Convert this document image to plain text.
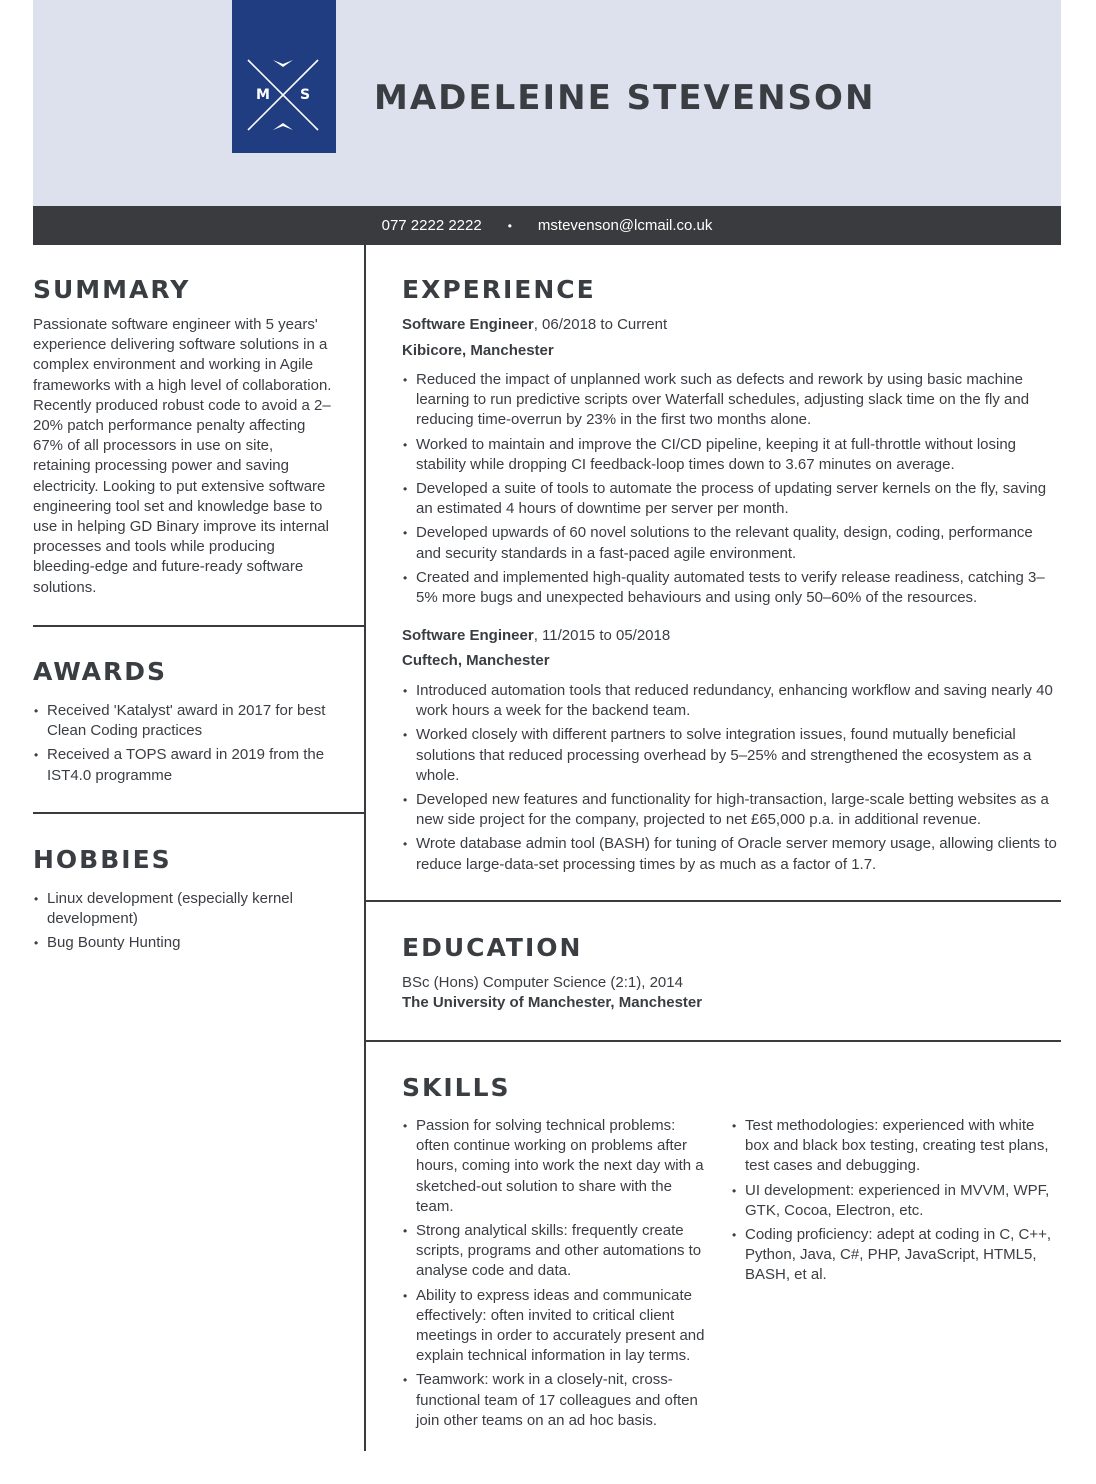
M S MADELEINE STEVENSON
077 2222 2222 • mstevenson@lcmail.co.uk
SUMMARY

Passionate software engineer with 5 years' experience delivering software solutions in a complex environment and working in Agile frameworks with a high level of collaboration. Recently produced robust code to avoid a 2–20% patch performance penalty affecting 67% of all processors in use on site, retaining processing power and saving electricity. Looking to put extensive software engineering tool set and knowledge base to use in helping GD Binary improve its internal processes and tools while producing bleeding-edge and future-ready software solutions.

AWARDS
• Received 'Katalyst' award in 2017 for best Clean Coding practices
• Received a TOPS award in 2019 from the IST4.0 programme
HOBBIES
• Linux development (especially kernel development)
• Bug Bounty Hunting
EXPERIENCE

Software Engineer, 06/2018 to Current

Kibicore, Manchester

• Reduced the impact of unplanned work such as defects and rework by using basic machine learning to run predictive scripts over Waterfall schedules, adjusting slack time on the fly and reducing time-overrun by 23% in the first two months alone.
• Worked to maintain and improve the CI/CD pipeline, keeping it at full-throttle without losing stability while dropping CI feedback-loop times down to 3.67 minutes on average.
• Developed a suite of tools to automate the process of updating server kernels on the fly, saving an estimated 4 hours of downtime per server per month.
• Developed upwards of 60 novel solutions to the relevant quality, design, coding, performance and security standards in a fast-paced agile environment.
• Created and implemented high-quality automated tests to verify release readiness, catching 3–5% more bugs and unexpected behaviours and using only 50–60% of the resources.

Software Engineer, 11/2015 to 05/2018

Cuftech, Manchester

• Introduced automation tools that reduced redundancy, enhancing workflow and saving nearly 40 work hours a week for the backend team.
• Worked closely with different partners to solve integration issues, found mutually beneficial solutions that reduced processing overhead by 5–25% and strengthened the ecosystem as a whole.
• Developed new features and functionality for high-transaction, large-scale betting websites as a new side project for the company, projected to net £65,000 p.a. in additional revenue.
• Wrote database admin tool (BASH) for tuning of Oracle server memory usage, allowing clients to reduce large-data-set processing times by as much as a factor of 1.7.
EDUCATION

BSc (Hons) Computer Science (2:1), 2014

The University of Manchester, Manchester

SKILLS
• Passion for solving technical problems: often continue working on problems after hours, coming into work the next day with a sketched-out solution to share with the team.
• Strong analytical skills: frequently create scripts, programs and other automations to analyse code and data.
• Ability to express ideas and communicate effectively: often invited to critical client meetings in order to accurately present and explain technical information in lay terms.
• Teamwork: work in a closely-nit, cross-functional team of 17 colleagues and often join other teams on an ad hoc basis.
• Test methodologies: experienced with white box and black box testing, creating test plans, test cases and debugging.
• UI development: experienced in MVVM, WPF, GTK, Cocoa, Electron, etc.
• Coding proficiency: adept at coding in C, C++, Python, Java, C#, PHP, JavaScript, HTML5, BASH, et al.
